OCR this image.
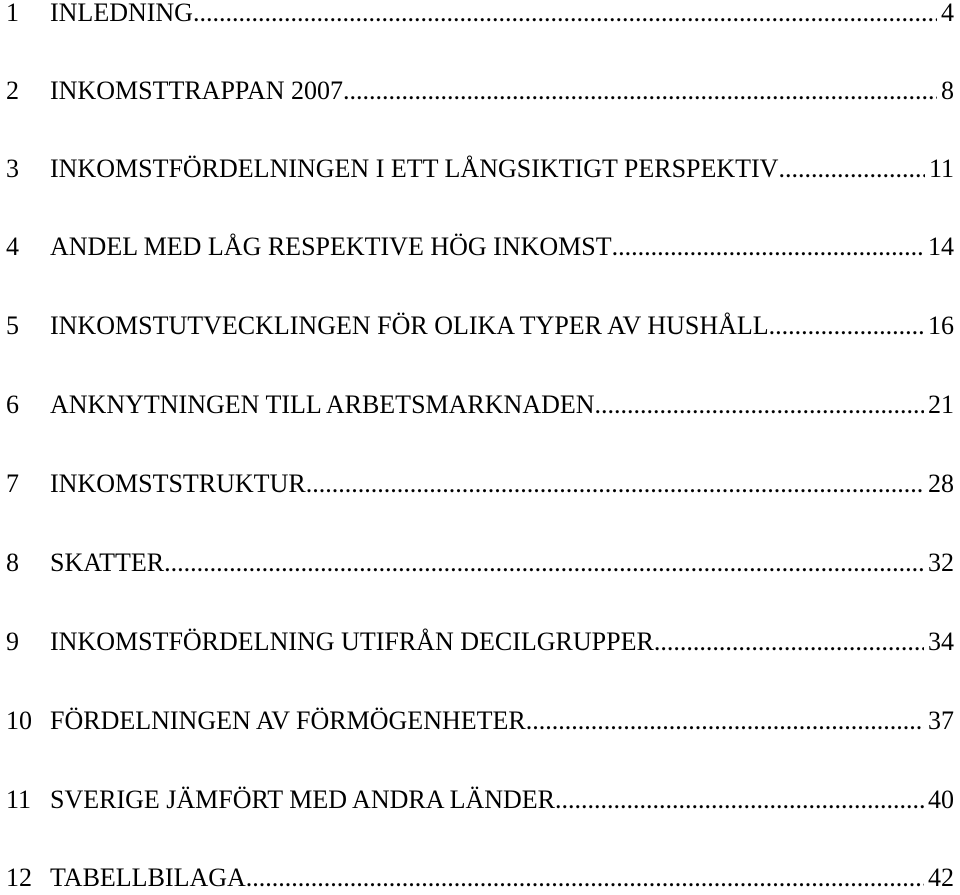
1	INLEDNING .....	4
2	INKOMSTTRAPPAN 2007 .....	8
3	INKOMSTFÖRDELNINGEN I ETT LÅNGSIKTIGT PERSPEKTIV .....	11
4	ANDEL MED LÅG RESPEKTIVE HÖG INKOMST .....	14
5	INKOMSTUTVECKLINGEN FÖR OLIKA TYPER AV HUSHÅLL .....	16
6	ANKNYTNINGEN TILL ARBETSMARKNADEN .....	21
7	INKOMSTSTRUKTUR .....	28
8	SKATTER .....	32
9	INKOMSTFÖRDELNING UTIFRÅN DECILGRUPPER .....	34
10 FÖRDELNINGEN AV FÖRMÖGENHETER .....	37
11 SVERIGE JÄMFÖRT MED ANDRA LÄNDER .....	40
12 TABELLBILAGA .....	42
